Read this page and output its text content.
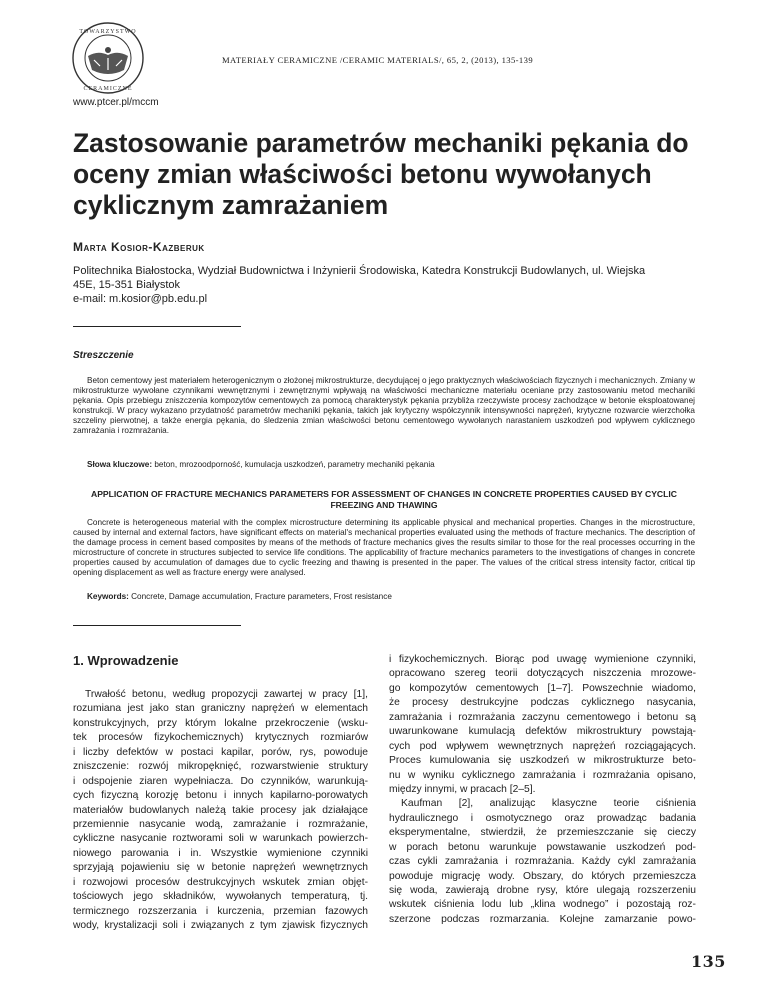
TOWARZYSTWO
CERAMICZNE
www.ptcer.pl/mccm
MATERIAŁY CERAMICZNE /CERAMIC MATERIALS/, 65, 2, (2013), 135-139
Zastosowanie parametrów mechaniki pękania do oceny zmian właściwości betonu wywołanych cyklicznym zamrażaniem
Marta Kosior-Kazberuk
Politechnika Białostocka, Wydział Budownictwa i Inżynierii Środowiska, Katedra Konstrukcji Budowlanych, ul. Wiejska
45E, 15-351 Białystok
e-mail: m.kosior@pb.edu.pl
Streszczenie
Beton cementowy jest materiałem heterogenicznym o złożonej mikrostrukturze, decydującej o jego praktycznych właściwościach fizycznych i mechanicznych. Zmiany w mikrostrukturze wywołane czynnikami wewnętrznymi i zewnętrznymi wpływają na właściwości mechaniczne materiału oceniane przy zastosowaniu metod mechaniki pękania. Opis przebiegu zniszczenia kompozytów cementowych za pomocą charakterystyk pękania przybliża rzeczywiste procesy zachodzące w betonie eksploatowanej konstrukcji. W pracy wykazano przydatność parametrów mechaniki pękania, takich jak krytyczny współczynnik intensywności naprężeń, krytyczne rozwarcie wierzchołka szczeliny pierwotnej, a także energia pękania, do śledzenia zmian właściwości betonu cementowego wywołanych narastaniem uszkodzeń pod wpływem cyklicznego zamrażania i rozmrażania.
Słowa kluczowe: beton, mrozoodporność, kumulacja uszkodzeń, parametry mechaniki pękania
APPLICATION OF FRACTURE MECHANICS PARAMETERS FOR ASSESSMENT OF CHANGES IN CONCRETE PROPERTIES CAUSED BY CYCLIC FREEZING AND THAWING
Concrete is heterogeneous material with the complex microstructure determining its applicable physical and mechanical properties. Changes in the microstructure, caused by internal and external factors, have significant effects on material's mechanical properties evaluated using the methods of fracture mechanics. The description of the damage process in cement based composites by means of the methods of fracture mechanics gives the results similar to those for the real processes occurring in the microstructure of concrete in structures subjected to service life conditions. The applicability of fracture mechanics parameters to the investigations of changes in concrete properties caused by accumulation of damages due to cyclic freezing and thawing is presented in the paper. The values of the critical stress intensity factor, critical tip opening displacement as well as fracture energy were analysed.
Keywords: Concrete, Damage accumulation, Fracture parameters, Frost resistance
1. Wprowadzenie
Trwałość betonu, według propozycji zawartej w pracy [1],
rozumiana jest jako stan graniczny naprężeń w elementach
konstrukcyjnych, przy którym lokalne przekroczenie (wsku-
tek procesów fizykochemicznych) krytycznych rozmiarów
i liczby defektów w postaci kapilar, porów, rys, powoduje
zniszczenie: rozwój mikropęknięć, rozwarstwienie struktury
i odspojenie ziaren wypełniacza. Do czynników, warunkują-
cych fizyczną korozję betonu i innych kapilarno-porowatych
materiałów budowlanych należą takie procesy jak działające
przemiennie nasycanie wodą, zamrażanie i rozmrażanie,
cykliczne nasycanie roztworami soli w warunkach powierzch-
niowego parowania i in. Wszystkie wymienione czynniki
sprzyjają pojawieniu się w betonie naprężeń wewnętrznych
i rozwojowi procesów destrukcyjnych wskutek zmian objęt-
tościowych jego składników, wywołanych temperaturą, tj.
termicznego rozszerzania i kurczenia, przemian fazowych
wody, krystalizacji soli i związanych z tym zjawisk fizycznych
i fizykochemicznych. Biorąc pod uwagę wymienione czynniki,
opracowano szereg teorii dotyczących niszczenia mrozowe-
go kompozytów cementowych [1–7]. Powszechnie wiadomo,
że procesy destrukcyjne podczas cyklicznego nasycania,
zamrażania i rozmrażania zaczynu cementowego i betonu są
uwarunkowane kumulacją defektów mikrostruktury powstają-
cych pod wpływem wewnętrznych naprężeń rozciągających.
Proces kumulowania się uszkodzeń w mikrostrukturze beto-
nu w wyniku cyklicznego zamrażania i rozmrażania opisano,
między innymi, w pracach [2–5].
Kaufman [2], analizując klasyczne teorie ciśnienia
hydraulicznego i osmotycznego oraz prowadząc badania
eksperymentalne, stwierdził, że przemieszczanie się cieczy
w porach betonu warunkuje powstawanie uszkodzeń pod-
czas cykli zamrażania i rozmrażania. Każdy cykl zamrażania
powoduje migrację wody. Obszary, do których przemieszcza
się woda, zawierają drobne rysy, które ulegają rozszerzeniu
wskutek ciśnienia lodu lub „klina wodnego” i pozostają roz-
szerzone podczas rozmarzania. Kolejne zamarzanie powo-
135
